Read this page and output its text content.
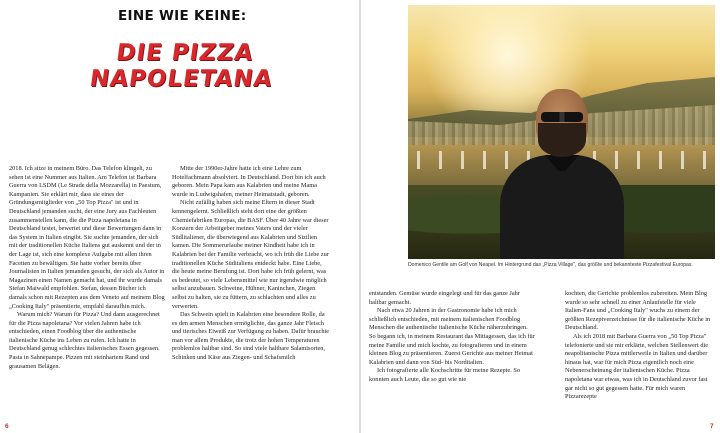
EINE WIE KEINE:
DIE PIZZA
NAPOLETANA

2018. Ich sitze in meinem Büro. Das Telefon klingelt, zu sehen ist eine Nummer aus Italien. Am Telefon ist Barbara Guerra von LSDM (Le Strade della Mozzarella) in Paestum, Kampanien. Sie erklärt mir, dass sie eines der Gründungsmitglieder von „50 Top Pizza" ist und in Deutschland jemanden sucht, der eine Jury aus Fachleuten zusammenstellen kann, die die Pizza napoletana in Deutschland testet, bewertet und diese Bewertungen dann in das System in Italien eingibt. Sie suchte jemanden, der sich mit der traditionellen Küche Italiens gut auskennt und der in der Lage ist, sich eine komplexe Aufgabe mit allen ihren Facetten zu bewältigen. Sie hatte vorher bereits über Journalisten in Italien jemanden gesucht, der sich als Autor in Magazinen einen Namen gemacht hat, und ihr wurde damals Stefan Maiwald empfohlen. Stefan, dessen Bücher ich damals schon mit Rezepten aus dem Veneto auf meinem Blog „Cooking Italy" präsentierte, empfahl daraufhin mich.

Warum mich? Warum für Pizza? Und dann ausgerechnet für die Pizza napoletana? Vor vielen Jahren habe ich entschieden, einen Foodblog über die authentische italienische Küche ins Leben zu rufen. Ich hatte in Deutschland genug schlechtes italienisches Essen gegessen. Pasta in Sahnepampe. Pizzen mit steinhartem Rand und grausamen Belägen.

Mitte der 1990er-Jahre hatte ich eine Lehre zum Hotelfachmann absolviert. In Deutschland. Dort bin ich auch geboren. Mein Papa kam aus Kalabrien und meine Mama wurde in Ludwigshafen, meiner Heimatstadt, geboren.

Nicht zufällig haben sich meine Eltern in dieser Stadt kennengelernt. Schließlich steht dort eine der größten Chemiefabriken Europas, die BASF. Über 40 Jahre war dieser Konzern der Arbeitgeber meines Vaters und der vieler Südlitaliener, die überwiegend aus Kalabrien und Sizilien kamen. Die Sommerurlaube meiner Kindheit habe ich in Kalabrien bei der Familie verbracht, wo ich früh die Liebe zur traditionellen Küche Süditaliens entdeckt habe. Eine Liebe, die heute meine Berufung ist. Dort habe ich früh gelernt, was es bedeutet, so viele Lebensmittel wie nur irgendwie möglich selbst anzubauen. Schweine, Hühner, Kaninchen, Ziegen selbst zu halten, sie zu füttern, zu schlachten und alles zu verwerten.

Das Schwein spielt in Kalabrien eine besondere Rolle, da es den armen Menschen ermöglichte, das ganze Jahr Fleisch und tierisches Eiweiß zur Verfügung zu haben. Dafür brauchte man vor allem Produkte, die trotz der hohen Temperaturen problemlos haltbar sind. So sind viele haltbare Salamisorten, Schinken und Käse aus Ziegen- und Schafsmilch

6
Domenico Gentile am Golf von Neapel. Im Hintergrund das „Pizza Village", das größte und bekannteste Pizzafestival Europas.

entstanden. Gemüse wurde eingelegt und für das ganze Jahr haltbar gemacht.

Nach etwa 20 Jahren in der Gastronomie habe ich mich schließlich entschieden, mit meinem italienischen Foodblog Menschen die authentische italienische Küche näherzubringen. So begann ich, in meinem Restaurant das Mittagessen, das ich für meine Familie und mich kochte, zu fotografieren und in einem kleinen Blog zu präsentieren. Zuerst Gerichte aus meiner Heimat Kalabrien und dann von Süd- bis Norditalien.

Ich fotografierte alle Kochschritte für meine Rezepte. So konnten auch Leute, die so gut wie nie

kochten, die Gerichte problemlos zubereiten. Mein Blog wurde so sehr schnell zu einer Anlaufstelle für viele Italien-Fans und „Cooking Italy" wuchs zu einem der größten Rezeptverzeichnisse für die italienische Küche in Deutschland.

Als ich 2018 mit Barbara Guerra von „50 Top Pizza" telefonierte und sie mir erklärte, welchen Stellenwert die neapolitanische Pizza mittlerweile in Italien und darüber hinaus hat, war für mich Pizza eigentlich noch eine Nebenerscheinung der italienischen Küche. Pizza napoletana war etwas, was ich in Deutschland zuvor fast gar nicht so gut gegessen hatte. Für mich waren Pizzarezepte

7
